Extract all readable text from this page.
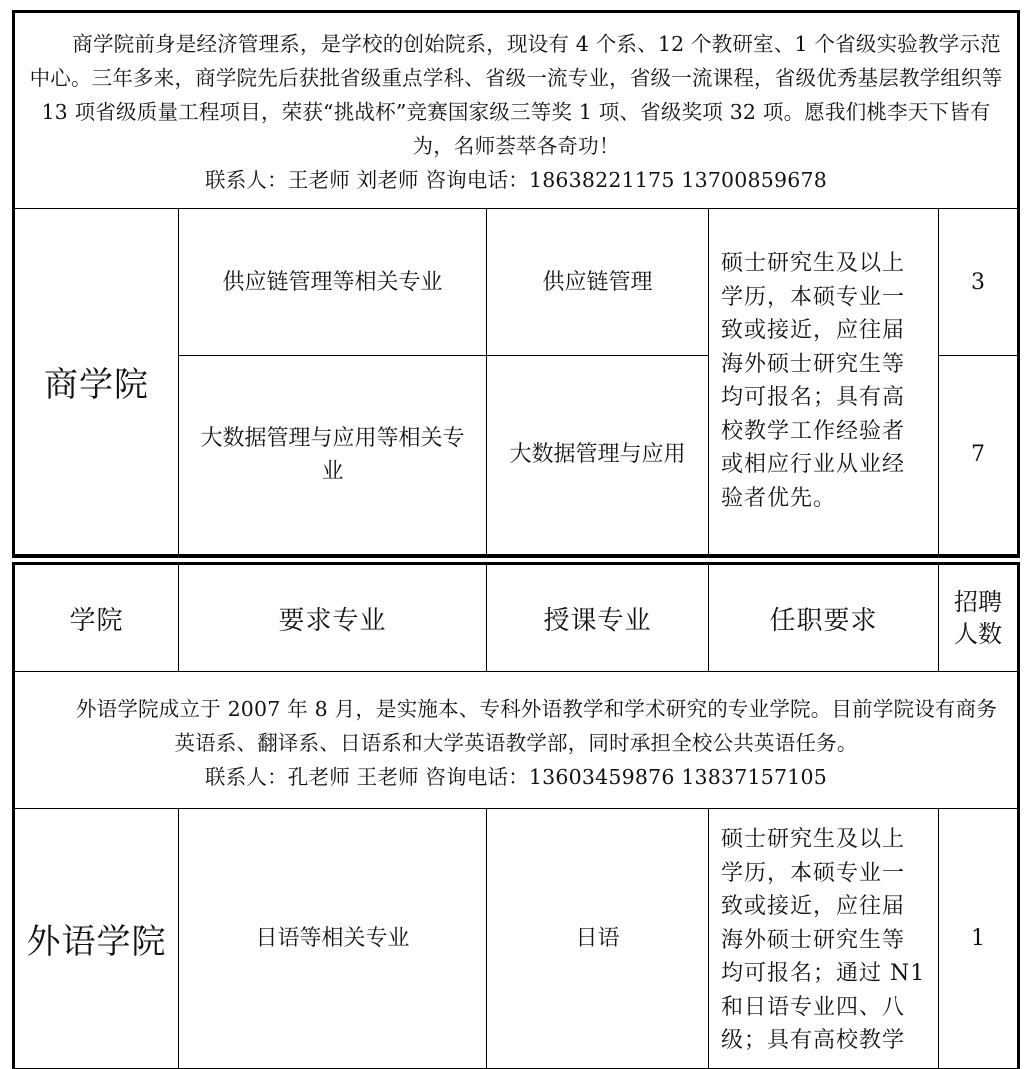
商学院前身是经济管理系，是学校的创始院系，现设有 4 个系、12 个教研室、1 个省级实验教学示范中心。三年多来，商学院先后获批省级重点学科、省级一流专业，省级一流课程，省级优秀基层教学组织等 13 项省级质量工程项目，荣获“挑战杯”竞赛国家级三等奖 1 项、省级奖项 32 项。愿我们桃李天下皆有为，名师荟萃各奇功！
联系人：王老师 刘老师 咨询电话：18638221175 13700859678				

商学院	供应链管理等相关专业	供应链管理	硕士研究生及以上学历，本硕专业一致或接近，应往届海外硕士研究生等均可报名；具有高校教学工作经验者或相应行业从业经验者优先。	3
	大数据管理与应用等相关专业	大数据管理与应用		7
学院	要求专业	授课专业	任职要求	招聘人数

外语学院成立于 2007 年 8 月，是实施本、专科外语教学和学术研究的专业学院。目前学院设有商务英语系、翻译系、日语系和大学英语教学部，同时承担全校公共英语任务。
联系人：孔老师 王老师 咨询电话：13603459876 13837157105				

外语学院	日语等相关专业	日语	硕士研究生及以上学历，本硕专业一致或接近，应往届海外硕士研究生等均可报名；通过 N1 和日语专业四、八级；具有高校教学	1
